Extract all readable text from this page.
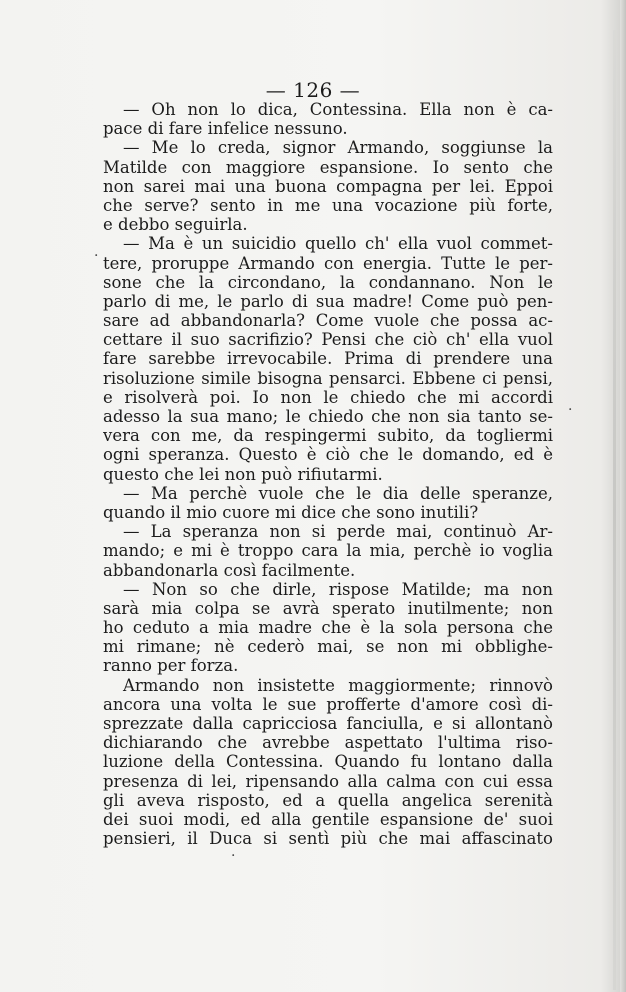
— 126 —
— Oh non lo dica, Contessina. Ella non è ca-
pace di fare infelice nessuno.
— Me lo creda, signor Armando, soggiunse la
Matilde con maggiore espansione. Io sento che
non sarei mai una buona compagna per lei. Eppoi
che serve? sento in me una vocazione più forte,
e debbo seguirla.
— Ma è un suicidio quello ch' ella vuol commet-
tere, proruppe Armando con energia. Tutte le per-
sone che la circondano, la condannano. Non le
parlo di me, le parlo di sua madre! Come può pen-
sare ad abbandonarla? Come vuole che possa ac-
cettare il suo sacrifizio? Pensi che ciò ch' ella vuol
fare sarebbe irrevocabile. Prima di prendere una
risoluzione simile bisogna pensarci. Ebbene ci pensi,
e risolverà poi. Io non le chiedo che mi accordi
adesso la sua mano; le chiedo che non sia tanto se-
vera con me, da respingermi subito, da togliermi
ogni speranza. Questo è ciò che le domando, ed è
questo che lei non può rifiutarmi.
— Ma perchè vuole che le dia delle speranze,
quando il mio cuore mi dice che sono inutili?
— La speranza non si perde mai, continuò Ar-
mando; e mi è troppo cara la mia, perchè io voglia
abbandonarla così facilmente.
— Non so che dirle, rispose Matilde; ma non
sarà mia colpa se avrà sperato inutilmente; non
ho ceduto a mia madre che è la sola persona che
mi rimane; nè cederò mai, se non mi obblighe-
ranno per forza.
Armando non insistette maggiormente; rinnovò
ancora una volta le sue profferte d'amore così di-
sprezzate dalla capricciosa fanciulla, e si allontanò
dichiarando che avrebbe aspettato l'ultima riso-
luzione della Contessina. Quando fu lontano dalla
presenza di lei, ripensando alla calma con cui essa
gli aveva risposto, ed a quella angelica serenità
dei suoi modi, ed alla gentile espansione de' suoi
pensieri, il Duca si sentì più che mai affascinato
·
·
·
